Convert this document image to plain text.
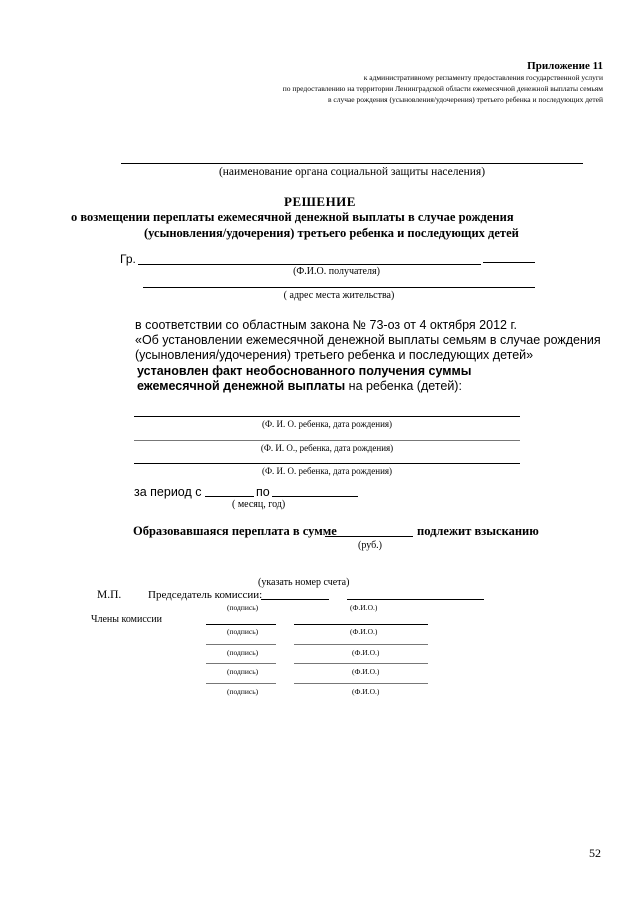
Приложение 11
к административному регламенту предоставления государственной услуги
по предоставлению на территории Ленинградской области ежемесячной денежной выплаты семьям
в случае рождения (усыновления/удочерения) третьего ребенка и последующих детей
(наименование органа социальной защиты населения)
РЕШЕНИЕ
о возмещении переплаты ежемесячной денежной выплаты в случае рождения
(усыновления/удочерения) третьего ребенка и последующих детей
Гр.
(Ф.И.О. получателя)
( адрес места жительства)
в соответствии со областным закона № 73-оз от 4 октября 2012 г.
«Об установлении ежемесячной денежной выплаты семьям в случае рождения
(усыновления/удочерения) третьего ребенка и последующих детей»
установлен факт необоснованного получения суммы
ежемесячной денежной выплаты на ребенка (детей):
(Ф. И. О. ребенка, дата рождения)
(Ф. И. О., ребенка, дата рождения)
(Ф. И. О. ребенка, дата рождения)
за период с	по
( месяц, год)
Образовавшаяся переплата в сумме	подлежит взысканию
(руб.)
(указать номер счета)
М.П. Председатель комиссии:
(подпись)	(Ф.И.О.)
Члены комиссии
(подпись)	(Ф.И.О.)
(подпись)	(Ф.И.О.)
(подпись)	(Ф.И.О.)
(подпись)	(Ф.И.О.)
52
